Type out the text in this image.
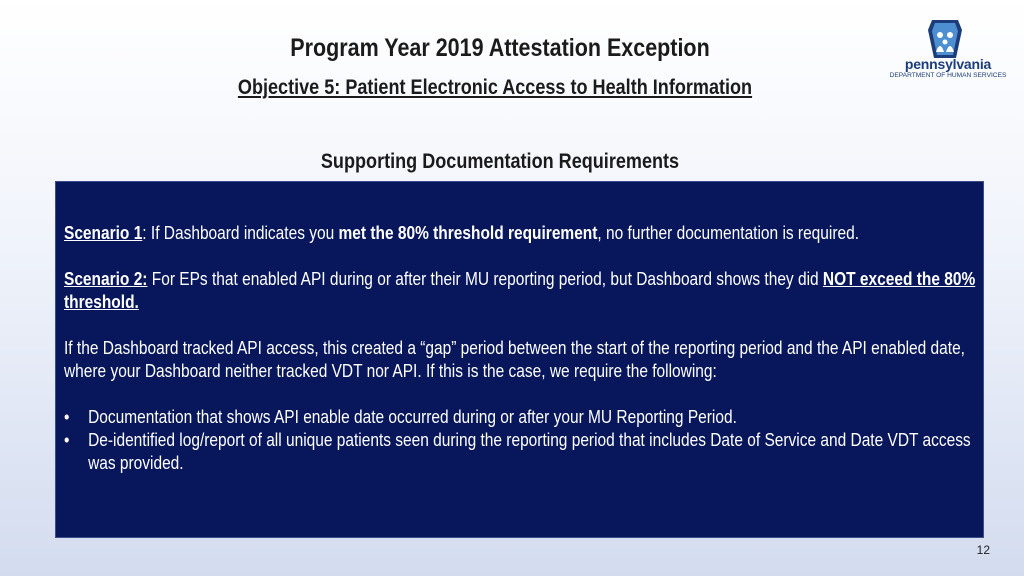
Program Year 2019 Attestation Exception
Objective 5: Patient Electronic Access to Health Information
Supporting Documentation Requirements
pennsylvania
DEPARTMENT OF HUMAN SERVICES

Scenario 1: If Dashboard indicates you met the 80% threshold requirement, no further documentation is required.

Scenario 2: For EPs that enabled API during or after their MU reporting period, but Dashboard shows they did NOT exceed the 80% threshold.

If the Dashboard tracked API access, this created a “gap” period between the start of the reporting period and the API enabled date, where your Dashboard neither tracked VDT nor API. If this is the case, we require the following:

• Documentation that shows API enable date occurred during or after your MU Reporting Period.
• De-identified log/report of all unique patients seen during the reporting period that includes Date of Service and Date VDT access was provided.
12
